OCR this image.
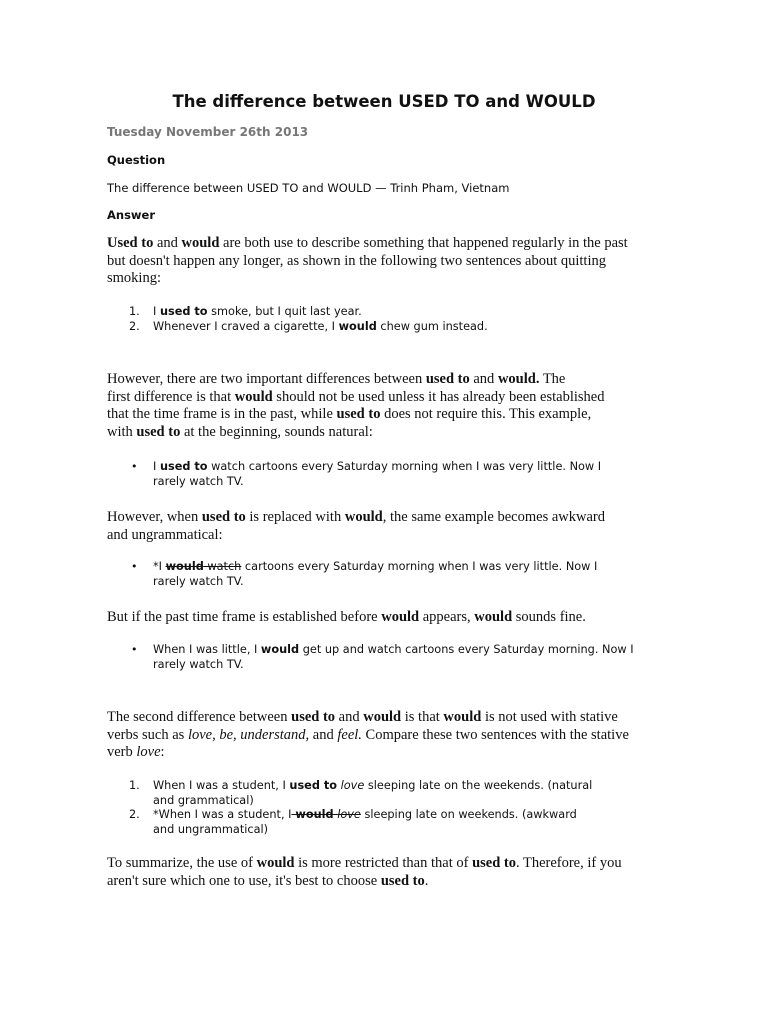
The difference between USED TO and WOULD

Tuesday November 26th 2013

Question

The difference between USED TO and WOULD — Trinh Pham, Vietnam

Answer

Used to and would are both use to describe something that happened regularly in the past
but doesn't happen any longer, as shown in the following two sentences about quitting
smoking:
1. I used to smoke, but I quit last year.
2. Whenever I craved a cigarette, I would chew gum instead.
However, there are two important differences between used to and would. The
first difference is that would should not be used unless it has already been established
that the time frame is in the past, while used to does not require this. This example,
with used to at the beginning, sounds natural:
• I used to watch cartoons every Saturday morning when I was very little. Now I
rarely watch TV.
However, when used to is replaced with would, the same example becomes awkward
and ungrammatical:
• *I would watch cartoons every Saturday morning when I was very little. Now I
rarely watch TV.
But if the past time frame is established before would appears, would sounds fine.
• When I was little, I would get up and watch cartoons every Saturday morning. Now I
rarely watch TV.
The second difference between used to and would is that would is not used with stative
verbs such as love, be, understand, and feel. Compare these two sentences with the stative
verb love:
1. When I was a student, I used to love sleeping late on the weekends. (natural
and grammatical)
2. *When I was a student, I would love sleeping late on weekends. (awkward
and ungrammatical)
To summarize, the use of would is more restricted than that of used to. Therefore, if you
aren't sure which one to use, it's best to choose used to.
